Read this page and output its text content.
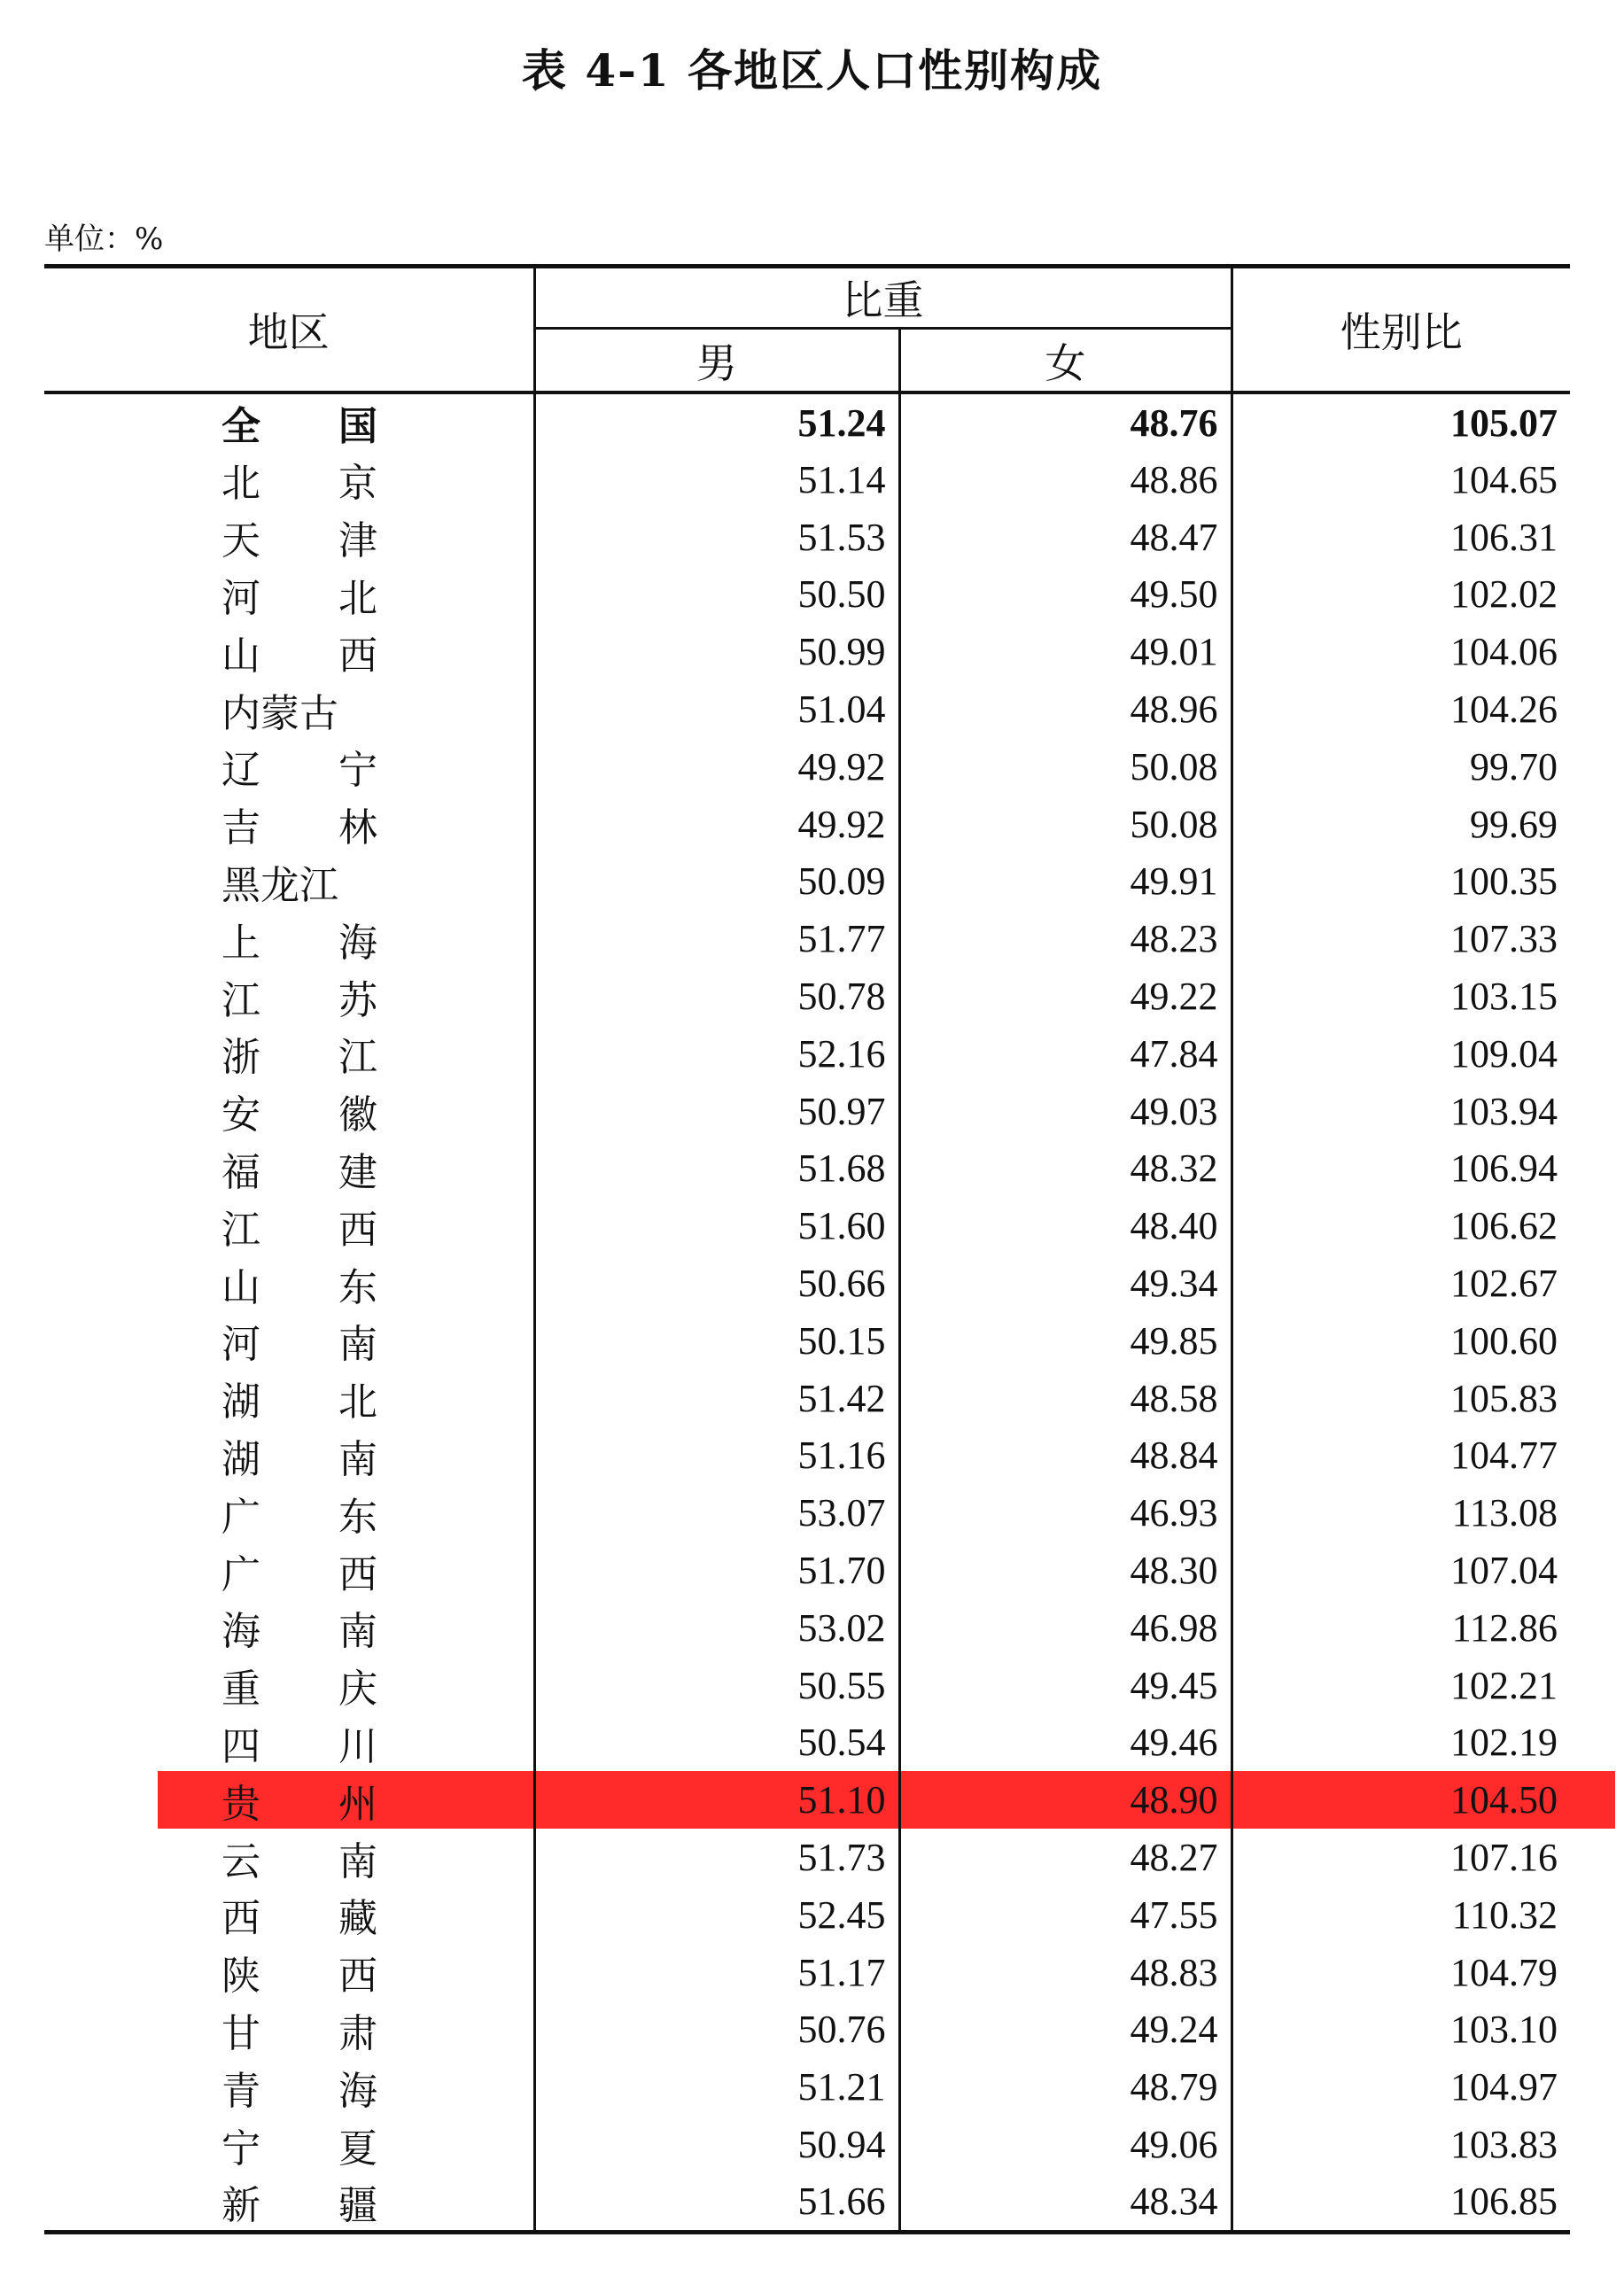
表 4-1 各地区人口性别构成
单位：%
地区	比重		性别比
	男	女	
全　　国	51.24	48.76	105.07
北　　京	51.14	48.86	104.65
天　　津	51.53	48.47	106.31
河　　北	50.50	49.50	102.02
山　　西	50.99	49.01	104.06
内蒙古	51.04	48.96	104.26
辽　　宁	49.92	50.08	99.70
吉　　林	49.92	50.08	99.69
黑龙江	50.09	49.91	100.35
上　　海	51.77	48.23	107.33
江　　苏	50.78	49.22	103.15
浙　　江	52.16	47.84	109.04
安　　徽	50.97	49.03	103.94
福　　建	51.68	48.32	106.94
江　　西	51.60	48.40	106.62
山　　东	50.66	49.34	102.67
河　　南	50.15	49.85	100.60
湖　　北	51.42	48.58	105.83
湖　　南	51.16	48.84	104.77
广　　东	53.07	46.93	113.08
广　　西	51.70	48.30	107.04
海　　南	53.02	46.98	112.86
重　　庆	50.55	49.45	102.21
四　　川	50.54	49.46	102.19
贵　　州	51.10	48.90	104.50
云　　南	51.73	48.27	107.16
西　　藏	52.45	47.55	110.32
陕　　西	51.17	48.83	104.79
甘　　肃	50.76	49.24	103.10
青　　海	51.21	48.79	104.97
宁　　夏	50.94	49.06	103.83
新　　疆	51.66	48.34	106.85
